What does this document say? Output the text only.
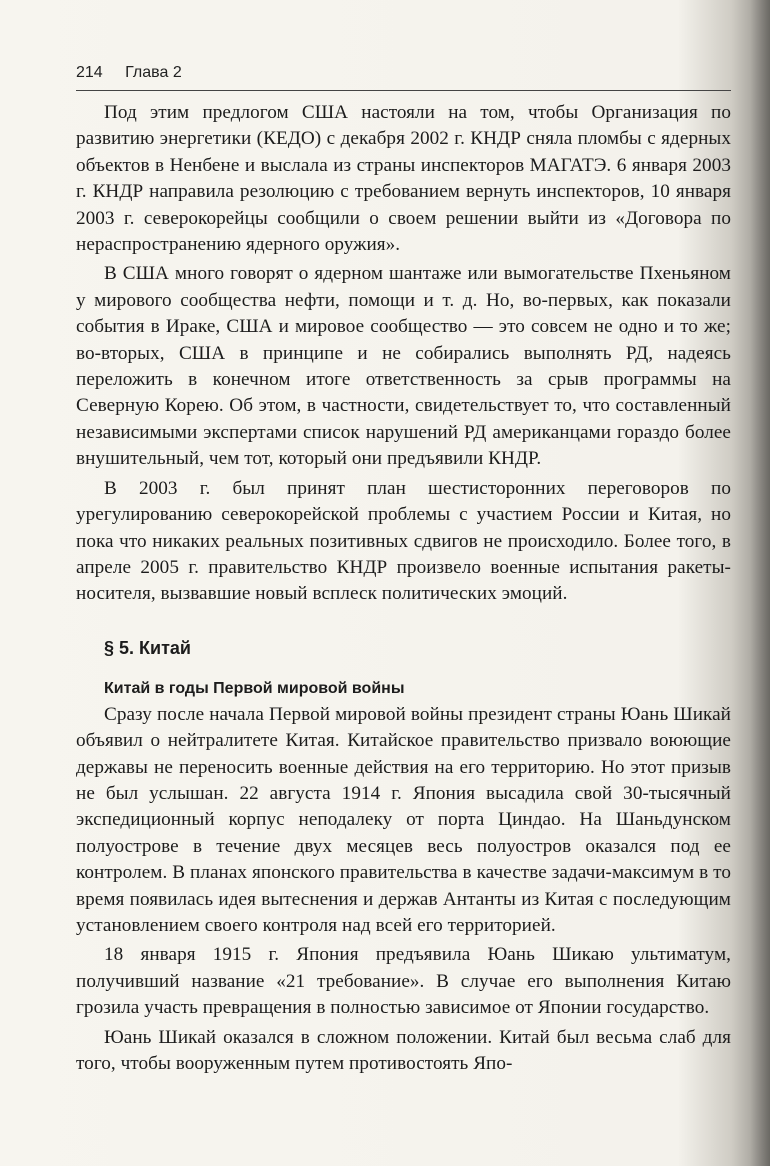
214 Глава 2

Под этим предлогом США настояли на том, чтобы Организация по развитию энергетики (КЕДО) с декабря 2002 г. КНДР сняла пломбы с ядерных объектов в Ненбене и выслала из страны инспекторов МАГАТЭ. 6 января 2003 г. КНДР направила резолюцию с требованием вернуть инспекторов, 10 января 2003 г. северокорейцы сообщили о своем решении выйти из «Договора по нераспространению ядерного оружия».

В США много говорят о ядерном шантаже или вымогательстве Пхеньяном у мирового сообщества нефти, помощи и т. д. Но, во-первых, как показали события в Ираке, США и мировое сообщество — это совсем не одно и то же; во-вторых, США в принципе и не собирались выполнять РД, надеясь переложить в конечном итоге ответственность за срыв программы на Северную Корею. Об этом, в частности, свидетельствует то, что составленный независимыми экспертами список нарушений РД американцами гораздо более внушительный, чем тот, который они предъявили КНДР.

В 2003 г. был принят план шестисторонних переговоров по урегулированию северокорейской проблемы с участием России и Китая, но пока что никаких реальных позитивных сдвигов не происходило. Более того, в апреле 2005 г. правительство КНДР произвело военные испытания ракеты-носителя, вызвавшие новый всплеск политических эмоций.

§ 5. Китай
Китай в годы Первой мировой войны

Сразу после начала Первой мировой войны президент страны Юань Шикай объявил о нейтралитете Китая. Китайское правительство призвало воюющие державы не переносить военные действия на его территорию. Но этот призыв не был услышан. 22 августа 1914 г. Япония высадила свой 30-тысячный экспедиционный корпус неподалеку от порта Циндао. На Шаньдунском полуострове в течение двух месяцев весь полуостров оказался под ее контролем. В планах японского правительства в качестве задачи-максимум в то время появилась идея вытеснения и держав Антанты из Китая с последующим установлением своего контроля над всей его территорией.

18 января 1915 г. Япония предъявила Юань Шикаю ультиматум, получивший название «21 требование». В случае его выполнения Китаю грозила участь превращения в полностью зависимое от Японии государство.

Юань Шикай оказался в сложном положении. Китай был весьма слаб для того, чтобы вооруженным путем противостоять Япо-
